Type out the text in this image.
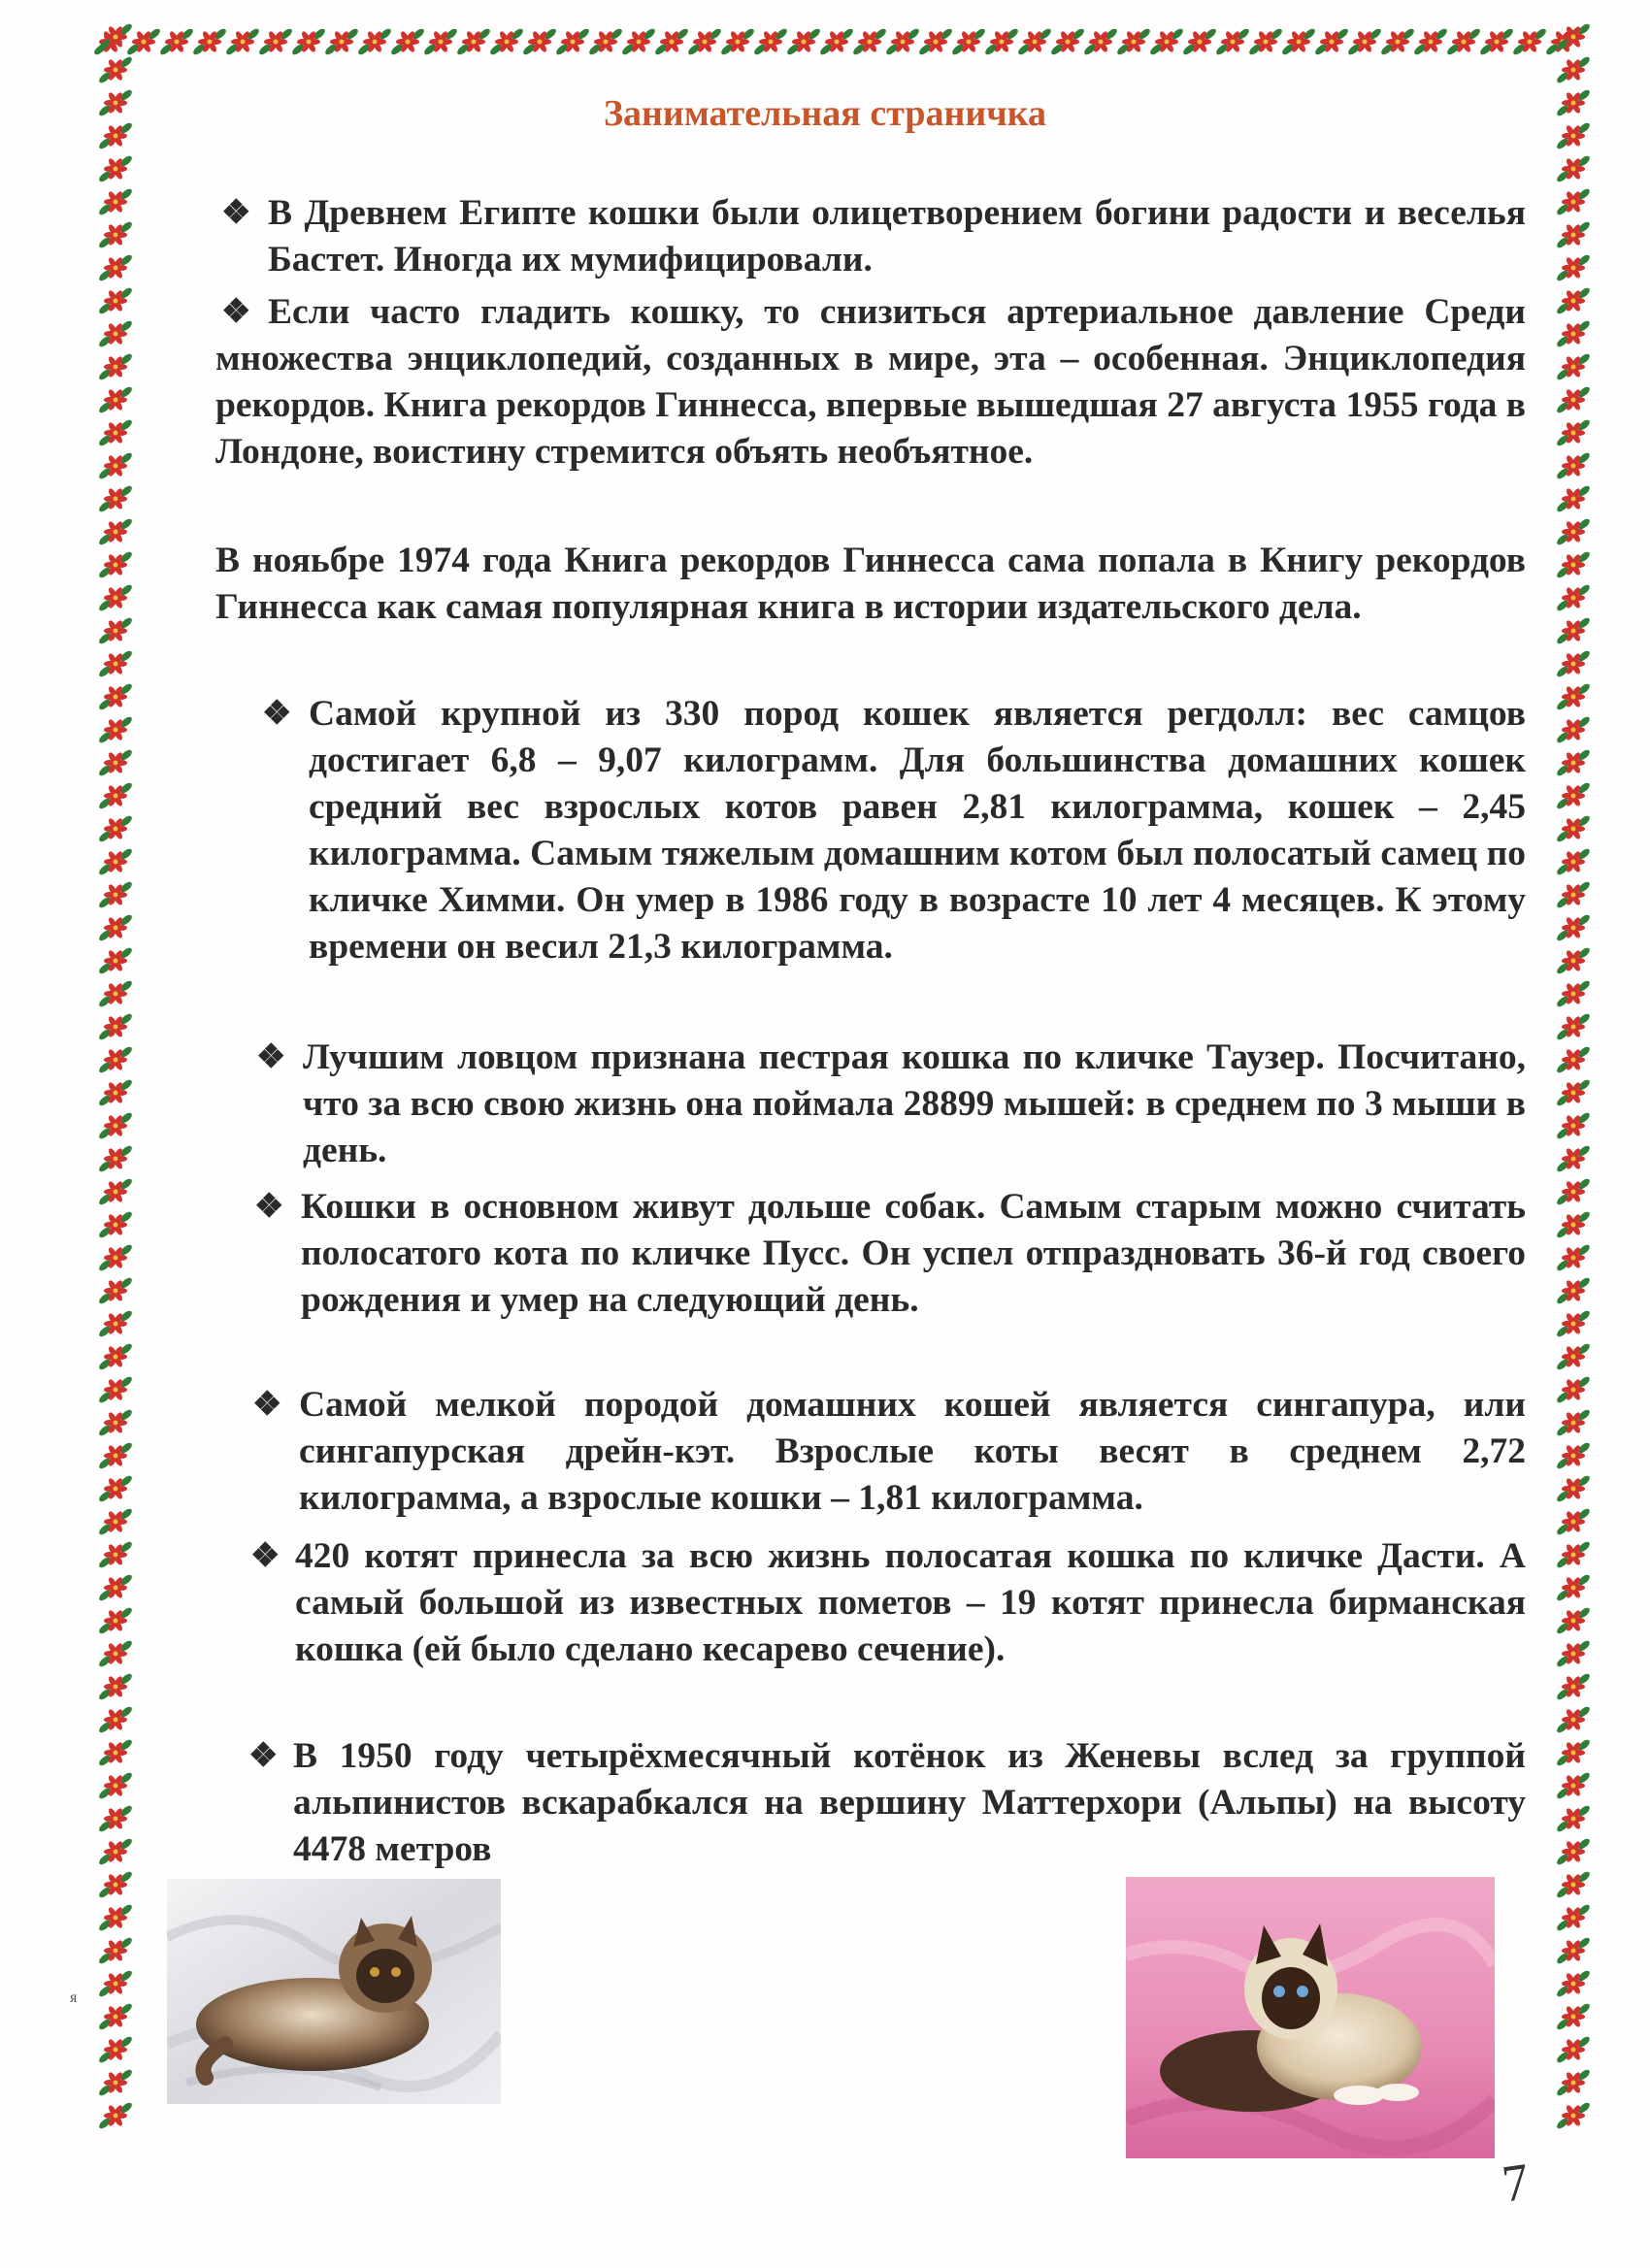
Занимательная страничка
❖ В Древнем Египте кошки были олицетворением богини радости и веселья Бастет. Иногда их мумифицировали.

❖ Если часто гладить кошку, то снизиться артериальное давление Среди множества энциклопедий, созданных в мире, эта – особенная. Энциклопедия рекордов. Книга рекордов Гиннесса, впервые вышедшая 27 августа 1955 года в Лондоне, воистину стремится объять необъятное.

В нояьбре 1974 года Книга рекордов Гиннесса сама попала в Книгу рекордов Гиннесса как самая популярная книга в истории издательского дела.

❖ Самой крупной из 330 пород кошек является регдолл: вес самцов достигает 6,8 – 9,07 килограмм. Для большинства домашних кошек средний вес взрослых котов равен 2,81 килограмма, кошек – 2,45 килограмма. Самым тяжелым домашним котом был полосатый самец по кличке Химми. Он умер в 1986 году в возрасте 10 лет 4 месяцев. К этому времени он весил 21,3 килограмма.

❖ Лучшим ловцом признана пестрая кошка по кличке Таузер. Посчитано, что за всю свою жизнь она поймала 28899 мышей: в среднем по 3 мыши в день.

❖ Кошки в основном живут дольше собак. Самым старым можно считать полосатого кота по кличке Пусс. Он успел отпраздновать 36-й год своего рождения и умер на следующий день.

❖ Самой мелкой породой домашних кошей является сингапура, или сингапурская дрейн-кэт. Взрослые коты весят в среднем 2,72 килограмма, а взрослые кошки – 1,81 килограмма.

❖ 420 котят принесла за всю жизнь полосатая кошка по кличке Дасти. А самый большой из известных пометов – 19 котят принесла бирманская кошка (ей было сделано кесарево сечение).

❖ В 1950 году четырёхмесячный котёнок из Женевы вслед за группой альпинистов вскарабкался на вершину Маттерхори (Альпы) на высоту 4478 метров

я
7
